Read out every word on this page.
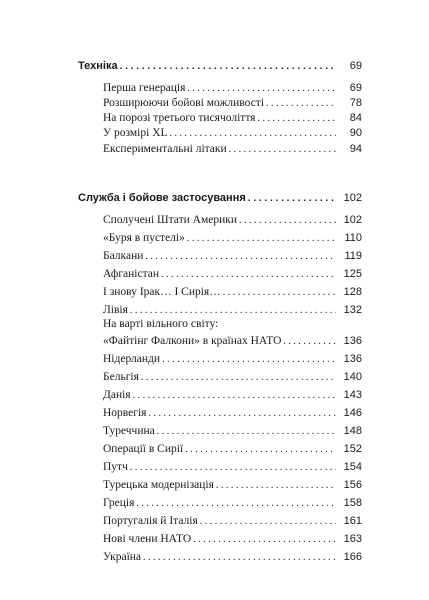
Техніка . . .	69
Перша генерація . . .	69
Розширюючи бойові можливості . . .	78
На порозі третього тисячоліття . . .	84
У розмірі XL . . .	90
Експериментальні літаки . . .	94
Служба і бойове застосування . . .	102
Сполучені Штати Америки . . .	102
«Буря в пустелі» . . .	110
Балкани . . .	119
Афганістан . . .	125
І знову Ірак… І Сирія… . . .	128
Лівія . . .	132
На варті вільного світу:
«Файтінг Фалкони» в країнах НАТО . . .	136
Нідерланди . . .	136
Бельгія . . .	140
Данія . . .	143
Норвегія . . .	146
Туреччина . . .	148
Операції в Сирії . . .	152
Путч . . .	154
Турецька модернізація . . .	156
Греція . . .	158
Португалія й Італія . . .	161
Нові члени НАТО . . .	163
Україна . . .	166
